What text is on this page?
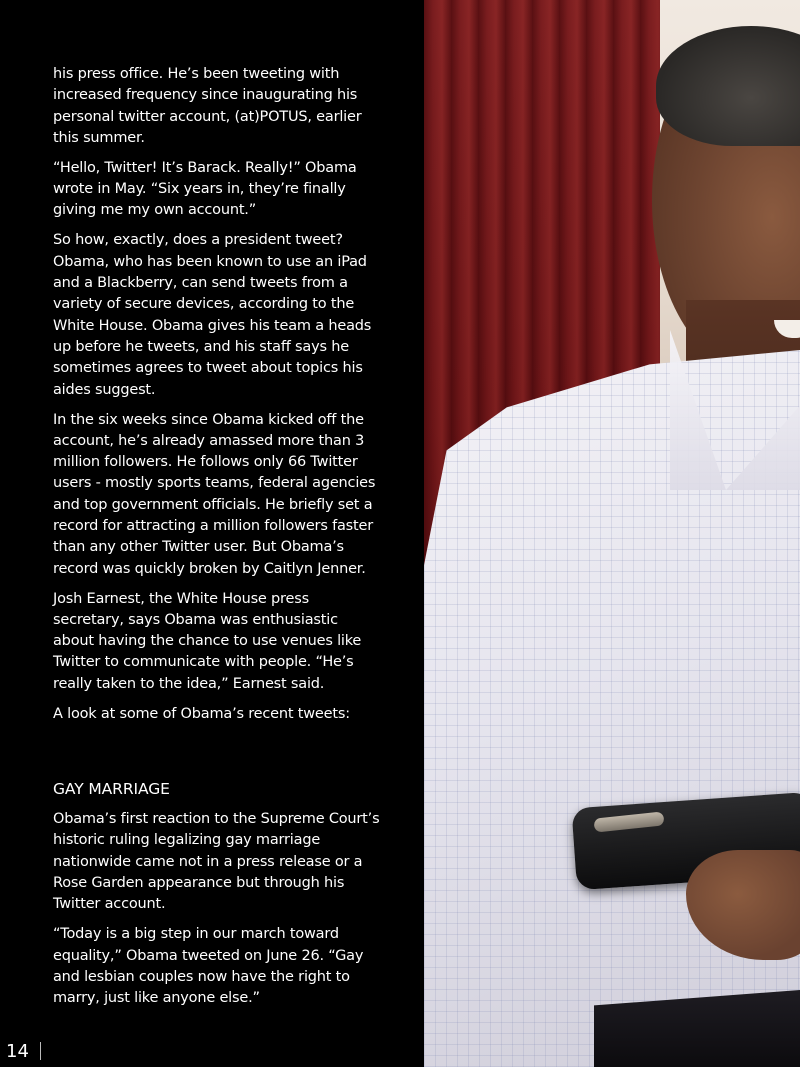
his press office. He’s been tweeting with increased frequency since inaugurating his personal twitter account, (at)POTUS, earlier this summer.

“Hello, Twitter! It’s Barack. Really!” Obama wrote in May. “Six years in, they’re finally giving me my own account.”

So how, exactly, does a president tweet? Obama, who has been known to use an iPad and a Blackberry, can send tweets from a variety of secure devices, according to the White House. Obama gives his team a heads up before he tweets, and his staff says he sometimes agrees to tweet about topics his aides suggest.

In the six weeks since Obama kicked off the account, he’s already amassed more than 3 million followers. He follows only 66 Twitter users - mostly sports teams, federal agencies and top government officials. He briefly set a record for attracting a million followers faster than any other Twitter user. But Obama’s record was quickly broken by Caitlyn Jenner.

Josh Earnest, the White House press secretary, says Obama was enthusiastic about having the chance to use venues like Twitter to communicate with people. “He’s really taken to the idea,” Earnest said.

A look at some of Obama’s recent tweets:

GAY MARRIAGE

Obama’s first reaction to the Supreme Court’s historic ruling legalizing gay marriage nationwide came not in a press release or a Rose Garden appearance but through his Twitter account.

“Today is a big step in our march toward equality,” Obama tweeted on June 26. “Gay and lesbian couples now have the right to marry, just like anyone else.”

14
